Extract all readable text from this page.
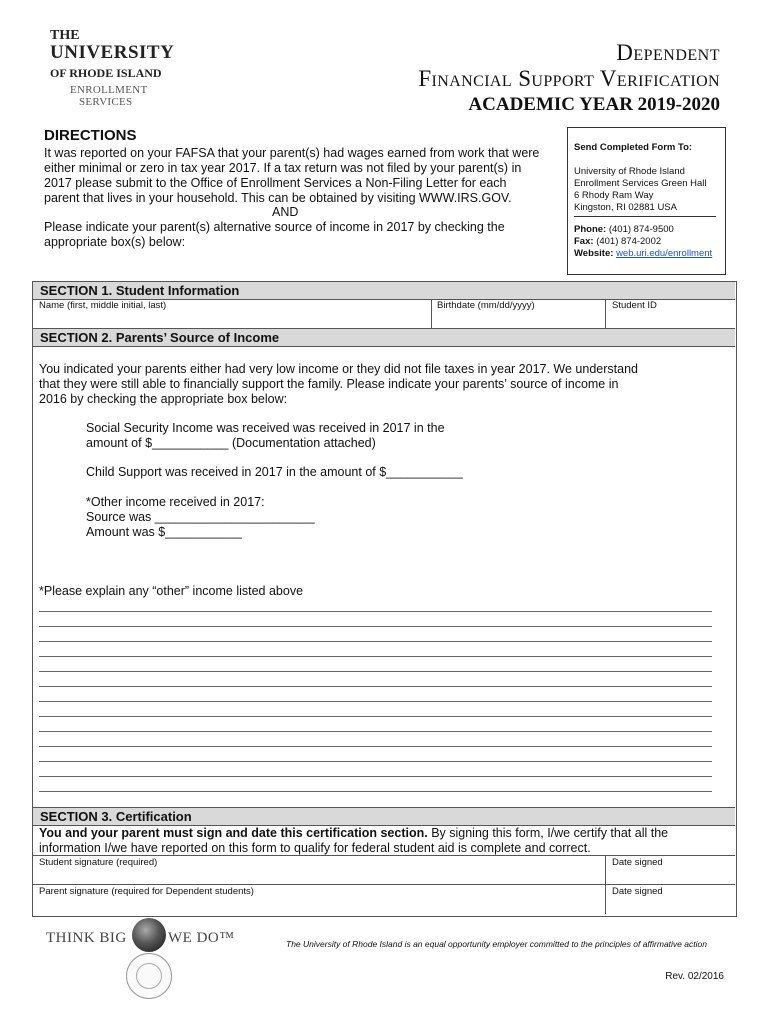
THE
UNIVERSITY
OF RHODE ISLAND
ENROLLMENT
SERVICES
Dependent
Financial Support Verification
ACADEMIC YEAR 2019-2020
DIRECTIONS
It was reported on your FAFSA that your parent(s) had wages earned from work that were
either minimal or zero in tax year 2017. If a tax return was not filed by your parent(s) in
2017 please submit to the Office of Enrollment Services a Non-Filing Letter for each
parent that lives in your household. This can be obtained by visiting WWW.IRS.GOV.
AND
Please indicate your parent(s) alternative source of income in 2017 by checking the
appropriate box(s) below:
Send Completed Form To:
University of Rhode Island
Enrollment Services Green Hall
6 Rhody Ram Way
Kingston, RI 02881 USA
Phone: (401) 874-9500
Fax: (401) 874-2002
Website: web.uri.edu/enrollment
SECTION 1. Student Information
Name (first, middle initial, last)	Birthdate (mm/dd/yyyy)	Student ID
SECTION 2. Parents’ Source of Income
You indicated your parents either had very low income or they did not file taxes in year 2017. We understand
that they were still able to financially support the family. Please indicate your parents’ source of income in
2016 by checking the appropriate box below:
Social Security Income was received was received in 2017 in the
amount of $___________ (Documentation attached)
Child Support was received in 2017 in the amount of $___________
*Other income received in 2017:
Source was _______________________
Amount was $___________
*Please explain any “other” income listed above
SECTION 3. Certification
You and your parent must sign and date this certification section. By signing this form, I/we certify that all the
information I/we have reported on this form to qualify for federal student aid is complete and correct.
Student signature (required)	Date signed
Parent signature (required for Dependent students)	Date signed
THINK BIG	WE DO™	The University of Rhode Island is an equal opportunity employer committed to the principles of affirmative action
Rev. 02/2016
